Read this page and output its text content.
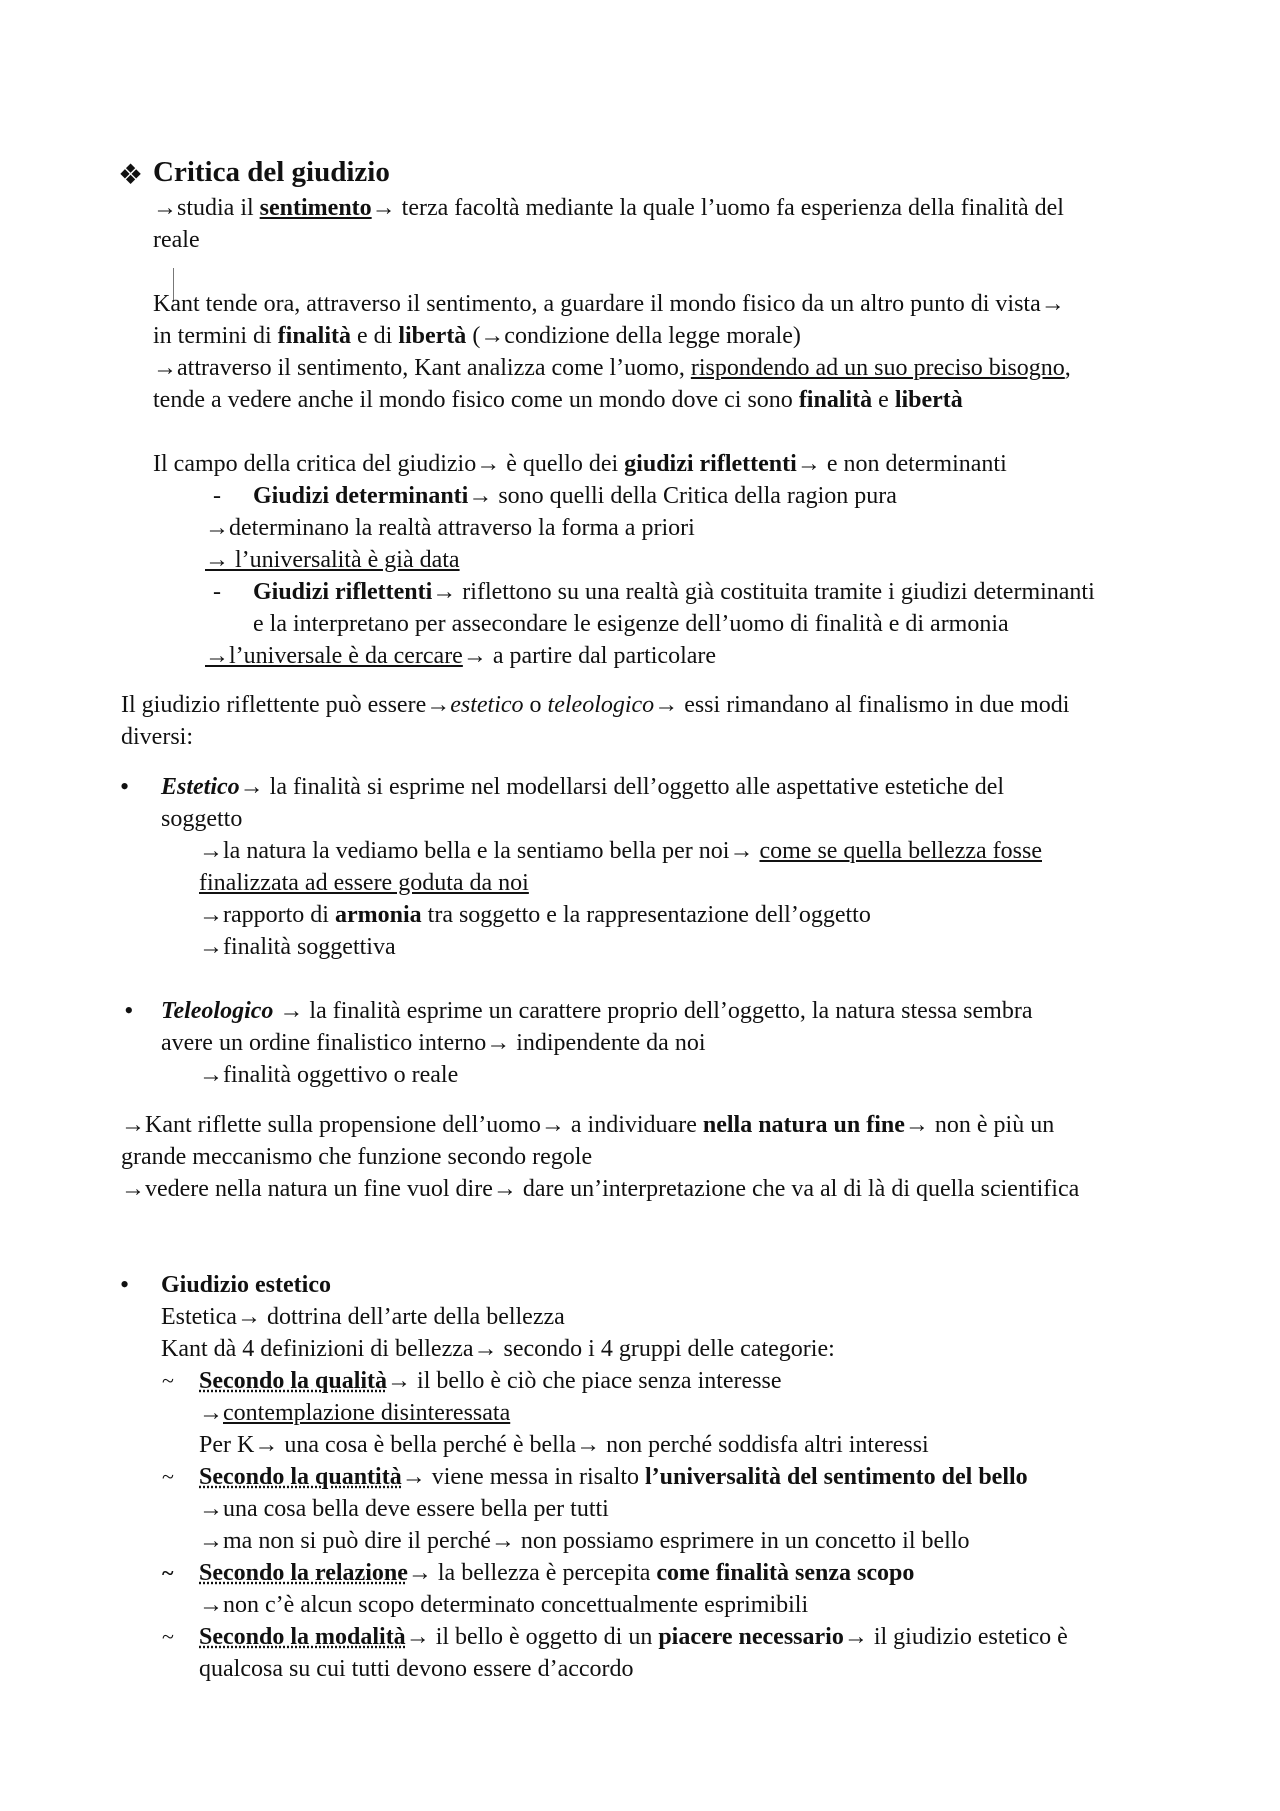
❖ Critica del giudizio
→studia il sentimento→ terza facoltà mediante la quale l’uomo fa esperienza della finalità del
reale
Kant tende ora, attraverso il sentimento, a guardare il mondo fisico da un altro punto di vista→
in termini di finalità e di libertà (→condizione della legge morale)
→attraverso il sentimento, Kant analizza come l’uomo, rispondendo ad un suo preciso bisogno,
tende a vedere anche il mondo fisico come un mondo dove ci sono finalità e libertà
Il campo della critica del giudizio→ è quello dei giudizi riflettenti→ e non determinanti
- Giudizi determinanti→ sono quelli della Critica della ragion pura
→determinano la realtà attraverso la forma a priori
→ l’universalità è già data
- Giudizi riflettenti→ riflettono su una realtà già costituita tramite i giudizi determinanti
e la interpretano per assecondare le esigenze dell’uomo di finalità e di armonia
→l’universale è da cercare→ a partire dal particolare
Il giudizio riflettente può essere→estetico o teleologico→ essi rimandano al finalismo in due modi
diversi:
• Estetico→ la finalità si esprime nel modellarsi dell’oggetto alle aspettative estetiche del
soggetto
→la natura la vediamo bella e la sentiamo bella per noi→ come se quella bellezza fosse
finalizzata ad essere goduta da noi
→rapporto di armonia tra soggetto e la rappresentazione dell’oggetto
→finalità soggettiva
• Teleologico → la finalità esprime un carattere proprio dell’oggetto, la natura stessa sembra
avere un ordine finalistico interno→ indipendente da noi
→finalità oggettivo o reale
→Kant riflette sulla propensione dell’uomo→ a individuare nella natura un fine→ non è più un
grande meccanismo che funzione secondo regole
→vedere nella natura un fine vuol dire→ dare un’interpretazione che va al di là di quella scientifica
• Giudizio estetico
Estetica→ dottrina dell’arte della bellezza
Kant dà 4 definizioni di bellezza→ secondo i 4 gruppi delle categorie:
~ Secondo la qualità→ il bello è ciò che piace senza interesse
→contemplazione disinteressata
Per K→ una cosa è bella perché è bella→ non perché soddisfa altri interessi
~ Secondo la quantità→ viene messa in risalto l’universalità del sentimento del bello
→una cosa bella deve essere bella per tutti
→ma non si può dire il perché→ non possiamo esprimere in un concetto il bello
~ Secondo la relazione→ la bellezza è percepita come finalità senza scopo
→non c’è alcun scopo determinato concettualmente esprimibili
~ Secondo la modalità→ il bello è oggetto di un piacere necessario→ il giudizio estetico è
qualcosa su cui tutti devono essere d’accordo
